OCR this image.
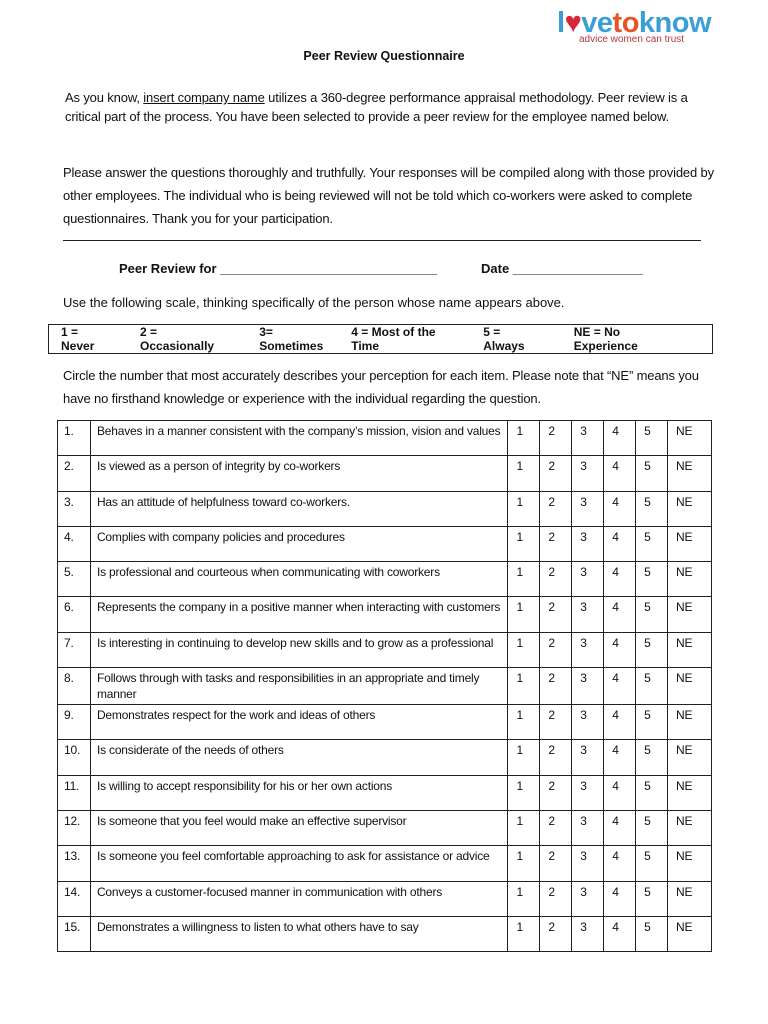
l♥vetoknow
advice women can trust
Peer Review Questionnaire
As you know, insert company name utilizes a 360-degree performance appraisal methodology. Peer review is a critical part of the process. You have been selected to provide a peer review for the employee named below.
Please answer the questions thoroughly and truthfully. Your responses will be compiled along with those provided by other employees. The individual who is being reviewed will not be told which co-workers were asked to complete questionnaires. Thank you for your participation.
Peer Review for ______________________________	Date __________________
Use the following scale, thinking specifically of the person whose name appears above.
1 = Never
2 = Occasionally
3= Sometimes
4 = Most of the Time
5 = Always
NE = No Experience
Circle the number that most accurately describes your perception for each item. Please note that “NE” means you have no firsthand knowledge or experience with the individual regarding the question.
1.	Behaves in a manner consistent with the company’s mission, vision and values	1	2	3	4	5	NE
2.	Is viewed as a person of integrity by co-workers	1	2	3	4	5	NE
3.	Has an attitude of helpfulness toward co-workers.	1	2	3	4	5	NE
4.	Complies with company policies and procedures	1	2	3	4	5	NE
5.	Is professional and courteous when communicating with coworkers	1	2	3	4	5	NE
6.	Represents the company in a positive manner when interacting with customers	1	2	3	4	5	NE
7.	Is interesting in continuing to develop new skills and to grow as a professional	1	2	3	4	5	NE
8.	Follows through with tasks and responsibilities in an appropriate and timely manner	1	2	3	4	5	NE
9.	Demonstrates respect for the work and ideas of others	1	2	3	4	5	NE
10.	Is considerate of the needs of others	1	2	3	4	5	NE
11.	Is willing to accept responsibility for his or her own actions	1	2	3	4	5	NE
12.	Is someone that you feel would make an effective supervisor	1	2	3	4	5	NE
13.	Is someone you feel comfortable approaching to ask for assistance or advice	1	2	3	4	5	NE
14.	Conveys a customer-focused manner in communication with others	1	2	3	4	5	NE
15.	Demonstrates a willingness to listen to what others have to say	1	2	3	4	5	NE
